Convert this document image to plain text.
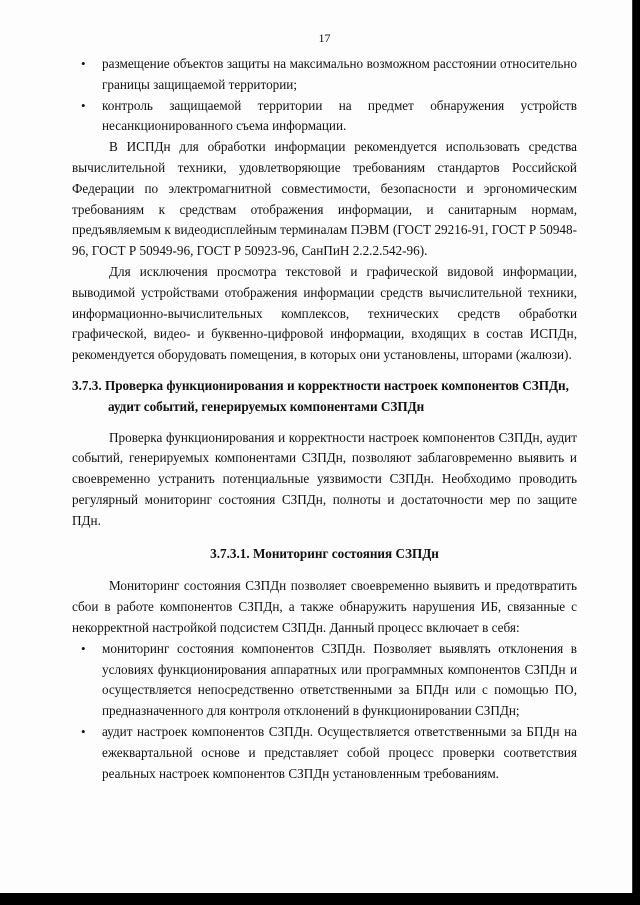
17
• размещение объектов защиты на максимально возможном расстоянии относительно границы защищаемой территории;
• контроль защищаемой территории на предмет обнаружения устройств несанкционированного съема информации.

В ИСПДн для обработки информации рекомендуется использовать средства вычислительной техники, удовлетворяющие требованиям стандартов Российской Федерации по электромагнитной совместимости, безопасности и эргономическим требованиям к средствам отображения информации, и санитарным нормам, предъявляемым к видеодисплейным терминалам ПЭВМ (ГОСТ 29216-91, ГОСТ Р 50948-96, ГОСТ Р 50949-96, ГОСТ Р 50923-96, СанПиН 2.2.2.542-96).

Для исключения просмотра текстовой и графической видовой информации, выводимой устройствами отображения информации средств вычислительной техники, информационно-вычислительных комплексов, технических средств обработки графической, видео- и буквенно-цифровой информации, входящих в состав ИСПДн, рекомендуется оборудовать помещения, в которых они установлены, шторами (жалюзи).

3.7.3. Проверка функционирования и корректности настроек компонентов СЗПДн, аудит событий, генерируемых компонентами СЗПДн

Проверка функционирования и корректности настроек компонентов СЗПДн, аудит событий, генерируемых компонентами СЗПДн, позволяют заблаговременно выявить и своевременно устранить потенциальные уязвимости СЗПДн. Необходимо проводить регулярный мониторинг состояния СЗПДн, полноты и достаточности мер по защите ПДн.

3.7.3.1. Мониторинг состояния СЗПДн

Мониторинг состояния СЗПДн позволяет своевременно выявить и предотвратить сбои в работе компонентов СЗПДн, а также обнаружить нарушения ИБ, связанные с некорректной настройкой подсистем СЗПДн. Данный процесс включает в себя:

• мониторинг состояния компонентов СЗПДн. Позволяет выявлять отклонения в условиях функционирования аппаратных или программных компонентов СЗПДн и осуществляется непосредственно ответственными за БПДн или с помощью ПО, предназначенного для контроля отклонений в функционировании СЗПДн;
• аудит настроек компонентов СЗПДн. Осуществляется ответственными за БПДн на ежеквартальной основе и представляет собой процесс проверки соответствия реальных настроек компонентов СЗПДн установленным требованиям.
